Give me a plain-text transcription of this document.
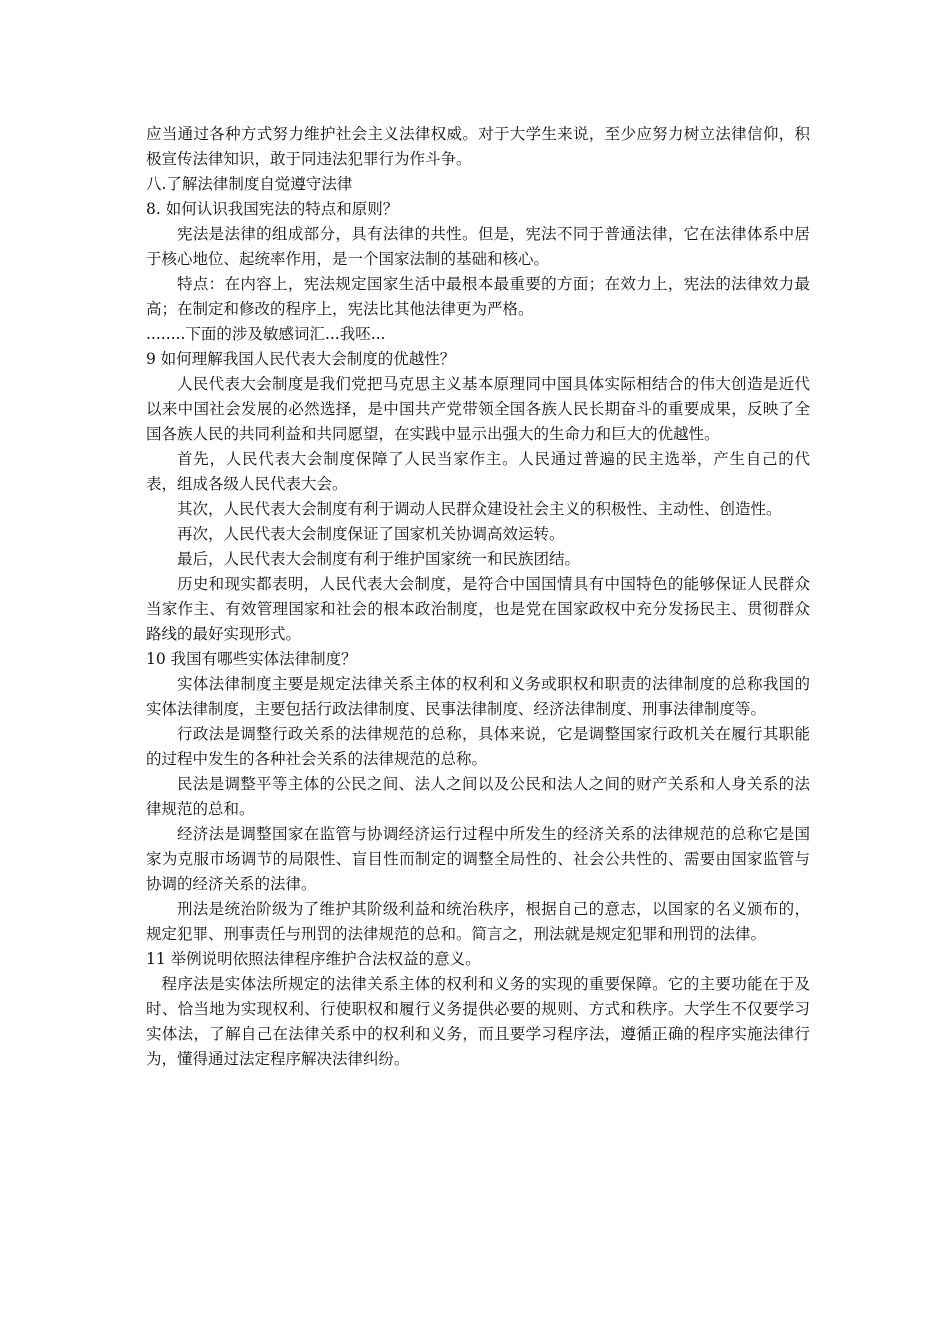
应当通过各种方式努力维护社会主义法律权威。对于大学生来说，至少应努力树立法律信仰，积极宣传法律知识，敢于同违法犯罪行为作斗争。

八.了解法律制度自觉遵守法律

8. 如何认识我国宪法的特点和原则？

宪法是法律的组成部分，具有法律的共性。但是，宪法不同于普通法律，它在法律体系中居于核心地位、起统率作用，是一个国家法制的基础和核心。

特点：在内容上，宪法规定国家生活中最根本最重要的方面；在效力上，宪法的法律效力最高；在制定和修改的程序上，宪法比其他法律更为严格。

........下面的涉及敏感词汇...我呸...

9 如何理解我国人民代表大会制度的优越性？

人民代表大会制度是我们党把马克思主义基本原理同中国具体实际相结合的伟大创造是近代以来中国社会发展的必然选择，是中国共产党带领全国各族人民长期奋斗的重要成果，反映了全国各族人民的共同利益和共同愿望，在实践中显示出强大的生命力和巨大的优越性。

首先，人民代表大会制度保障了人民当家作主。人民通过普遍的民主选举，产生自己的代表，组成各级人民代表大会。

其次，人民代表大会制度有利于调动人民群众建设社会主义的积极性、主动性、创造性。

再次，人民代表大会制度保证了国家机关协调高效运转。

最后，人民代表大会制度有利于维护国家统一和民族团结。

历史和现实都表明，人民代表大会制度，是符合中国国情具有中国特色的能够保证人民群众当家作主、有效管理国家和社会的根本政治制度，也是党在国家政权中充分发扬民主、贯彻群众路线的最好实现形式。

10 我国有哪些实体法律制度？

实体法律制度主要是规定法律关系主体的权利和义务或职权和职责的法律制度的总称我国的实体法律制度，主要包括行政法律制度、民事法律制度、经济法律制度、刑事法律制度等。

行政法是调整行政关系的法律规范的总称，具体来说，它是调整国家行政机关在履行其职能的过程中发生的各种社会关系的法律规范的总称。

民法是调整平等主体的公民之间、法人之间以及公民和法人之间的财产关系和人身关系的法律规范的总和。

经济法是调整国家在监管与协调经济运行过程中所发生的经济关系的法律规范的总称它是国家为克服市场调节的局限性、盲目性而制定的调整全局性的、社会公共性的、需要由国家监管与协调的经济关系的法律。

刑法是统治阶级为了维护其阶级利益和统治秩序，根据自己的意志，以国家的名义颁布的，规定犯罪、刑事责任与刑罚的法律规范的总和。简言之，刑法就是规定犯罪和刑罚的法律。

11 举例说明依照法律程序维护合法权益的意义。

程序法是实体法所规定的法律关系主体的权利和义务的实现的重要保障。它的主要功能在于及时、恰当地为实现权利、行使职权和履行义务提供必要的规则、方式和秩序。大学生不仅要学习实体法，了解自己在法律关系中的权利和义务，而且要学习程序法，遵循正确的程序实施法律行为，懂得通过法定程序解决法律纠纷。
